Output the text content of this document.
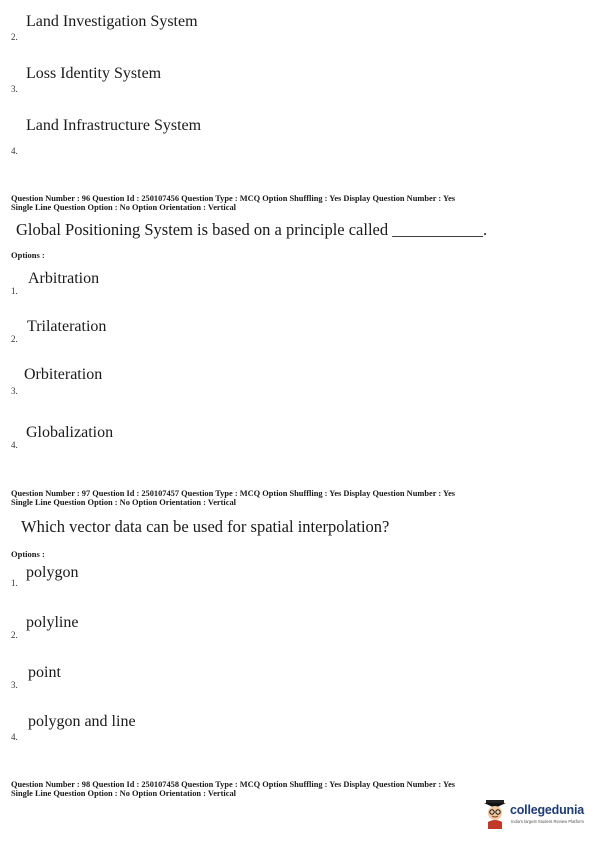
Land Investigation System
2.
Loss Identity System
3.
Land Infrastructure System
4.
Question Number : 96 Question Id : 250107456 Question Type : MCQ Option Shuffling : Yes Display Question Number : Yes
Single Line Question Option : No Option Orientation : Vertical
Global Positioning System is based on a principle called ___________.
Options :
Arbitration
1.
Trilateration
2.
Orbiteration
3.
Globalization
4.
Question Number : 97 Question Id : 250107457 Question Type : MCQ Option Shuffling : Yes Display Question Number : Yes
Single Line Question Option : No Option Orientation : Vertical
Which vector data can be used for spatial interpolation?
Options :
polygon
1.
polyline
2.
point
3.
polygon and line
4.
Question Number : 98 Question Id : 250107458 Question Type : MCQ Option Shuffling : Yes Display Question Number : Yes
Single Line Question Option : No Option Orientation : Vertical
collegedunia
India's largest Student Review Platform
